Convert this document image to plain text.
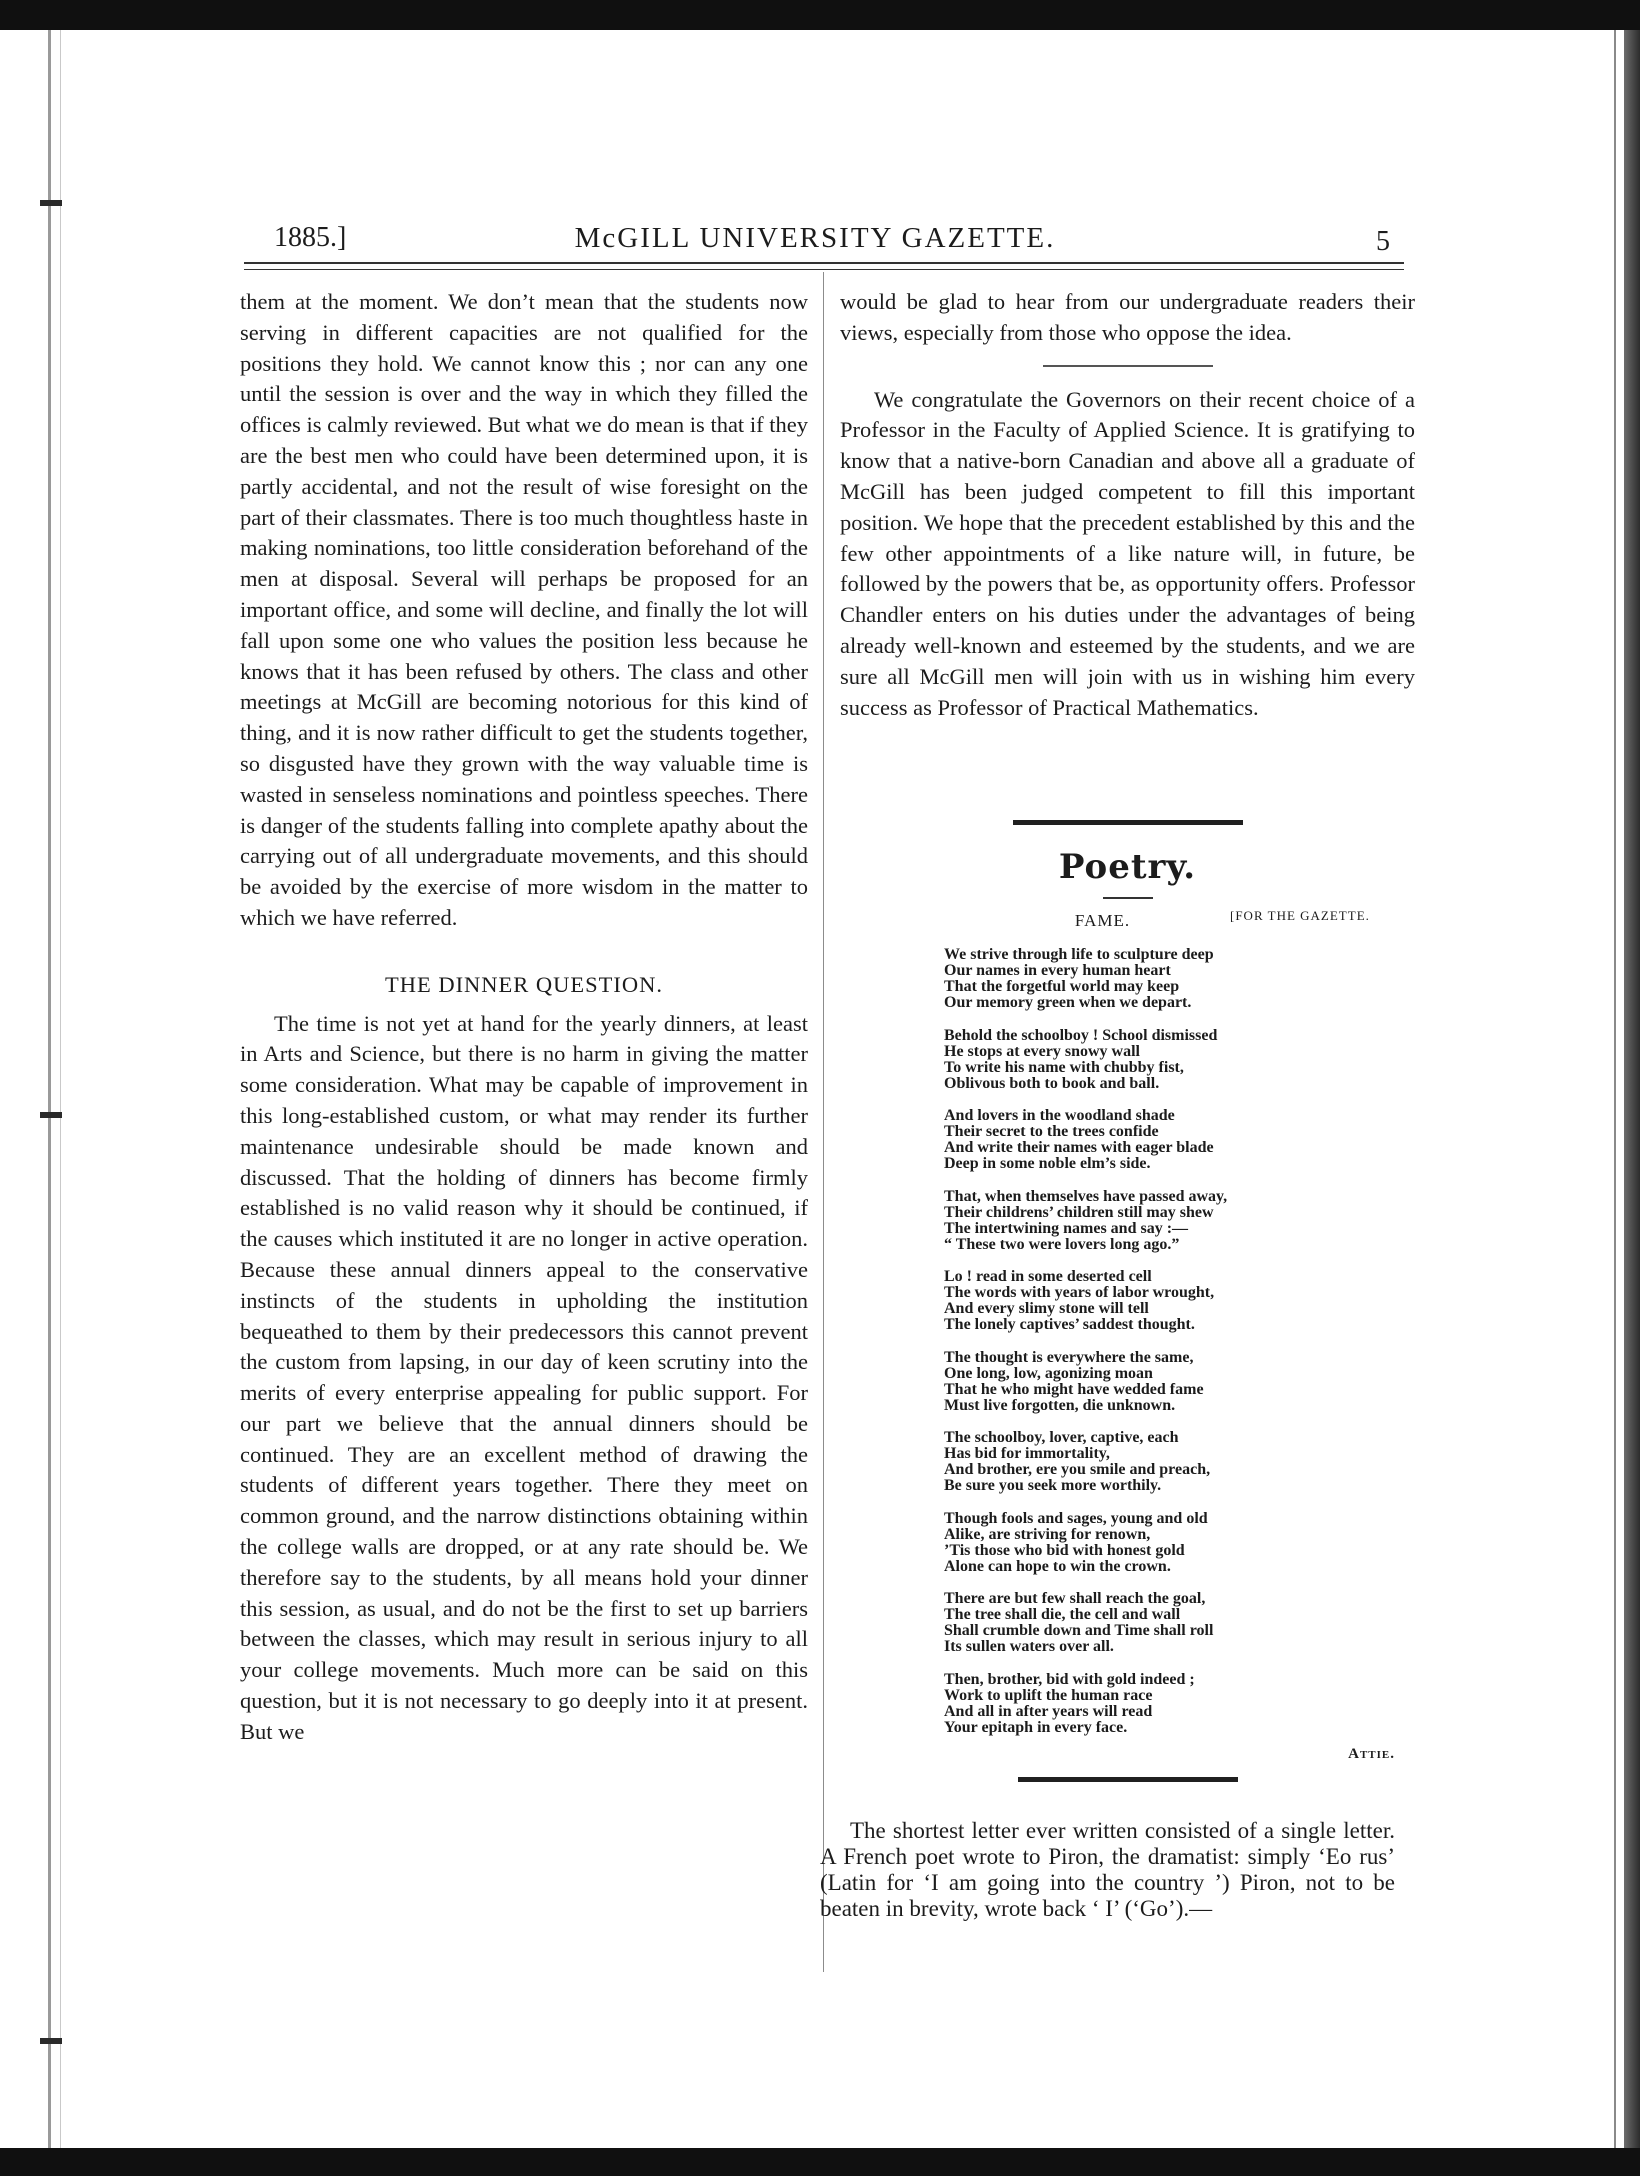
1885.]	McGILL UNIVERSITY GAZETTE.	5

them at the moment. We don’t mean that the students now serving in different capacities are not qualified for the positions they hold. We cannot know this ; nor can any one until the session is over and the way in which they filled the offices is calmly reviewed. But what we do mean is that if they are the best men who could have been determined upon, it is partly accidental, and not the result of wise foresight on the part of their classmates. There is too much thoughtless haste in making nominations, too little consideration beforehand of the men at disposal. Several will perhaps be proposed for an important office, and some will decline, and finally the lot will fall upon some one who values the position less because he knows that it has been refused by others. The class and other meetings at McGill are becoming notorious for this kind of thing, and it is now rather difficult to get the students together, so disgusted have they grown with the way valuable time is wasted in senseless nominations and pointless speeches. There is danger of the students falling into complete apathy about the carrying out of all undergraduate movements, and this should be avoided by the exercise of more wisdom in the matter to which we have referred.

THE DINNER QUESTION.

The time is not yet at hand for the yearly dinners, at least in Arts and Science, but there is no harm in giving the matter some consideration. What may be capable of improvement in this long-established custom, or what may render its further maintenance undesirable should be made known and discussed. That the holding of dinners has become firmly established is no valid reason why it should be continued, if the causes which instituted it are no longer in active operation. Because these annual dinners appeal to the conservative instincts of the students in upholding the institution bequeathed to them by their predecessors this cannot prevent the custom from lapsing, in our day of keen scrutiny into the merits of every enterprise appealing for public support. For our part we believe that the annual dinners should be continued. They are an excellent method of drawing the students of different years together. There they meet on common ground, and the narrow distinctions obtaining within the college walls are dropped, or at any rate should be. We therefore say to the students, by all means hold your dinner this session, as usual, and do not be the first to set up barriers between the classes, which may result in serious injury to all your college movements. Much more can be said on this question, but it is not necessary to go deeply into it at present. But we

would be glad to hear from our undergraduate readers their views, especially from those who oppose the idea.

We congratulate the Governors on their recent choice of a Professor in the Faculty of Applied Science. It is gratifying to know that a native-born Canadian and above all a graduate of McGill has been judged competent to fill this important position. We hope that the precedent established by this and the few other appointments of a like nature will, in future, be followed by the powers that be, as opportunity offers. Professor Chandler enters on his duties under the advantages of being already well-known and esteemed by the students, and we are sure all McGill men will join with us in wishing him every success as Professor of Practical Mathematics.

Poetry.
[FOR THE GAZETTE.
FAME.
We strive through life to sculpture deep
Our names in every human heart
That the forgetful world may keep
Our memory green when we depart.
Behold the schoolboy ! School dismissed
He stops at every snowy wall
To write his name with chubby fist,
Oblivous both to book and ball.
And lovers in the woodland shade
Their secret to the trees confide
And write their names with eager blade
Deep in some noble elm’s side.
That, when themselves have passed away,
Their childrens’ children still may shew
The intertwining names and say :—
“ These two were lovers long ago.”
Lo ! read in some deserted cell
The words with years of labor wrought,
And every slimy stone will tell
The lonely captives’ saddest thought.
The thought is everywhere the same,
One long, low, agonizing moan
That he who might have wedded fame
Must live forgotten, die unknown.
The schoolboy, lover, captive, each
Has bid for immortality,
And brother, ere you smile and preach,
Be sure you seek more worthily.
Though fools and sages, young and old
Alike, are striving for renown,
’Tis those who bid with honest gold
Alone can hope to win the crown.
There are but few shall reach the goal,
The tree shall die, the cell and wall
Shall crumble down and Time shall roll
Its sullen waters over all.
Then, brother, bid with gold indeed ;
Work to uplift the human race
And all in after years will read
Your epitaph in every face.
Attie.

The shortest letter ever written consisted of a single letter. A French poet wrote to Piron, the dramatist: simply ‘Eo rus’ (Latin for ‘I am going into the country ’) Piron, not to be beaten in brevity, wrote back ‘ I’ (‘Go’).—
